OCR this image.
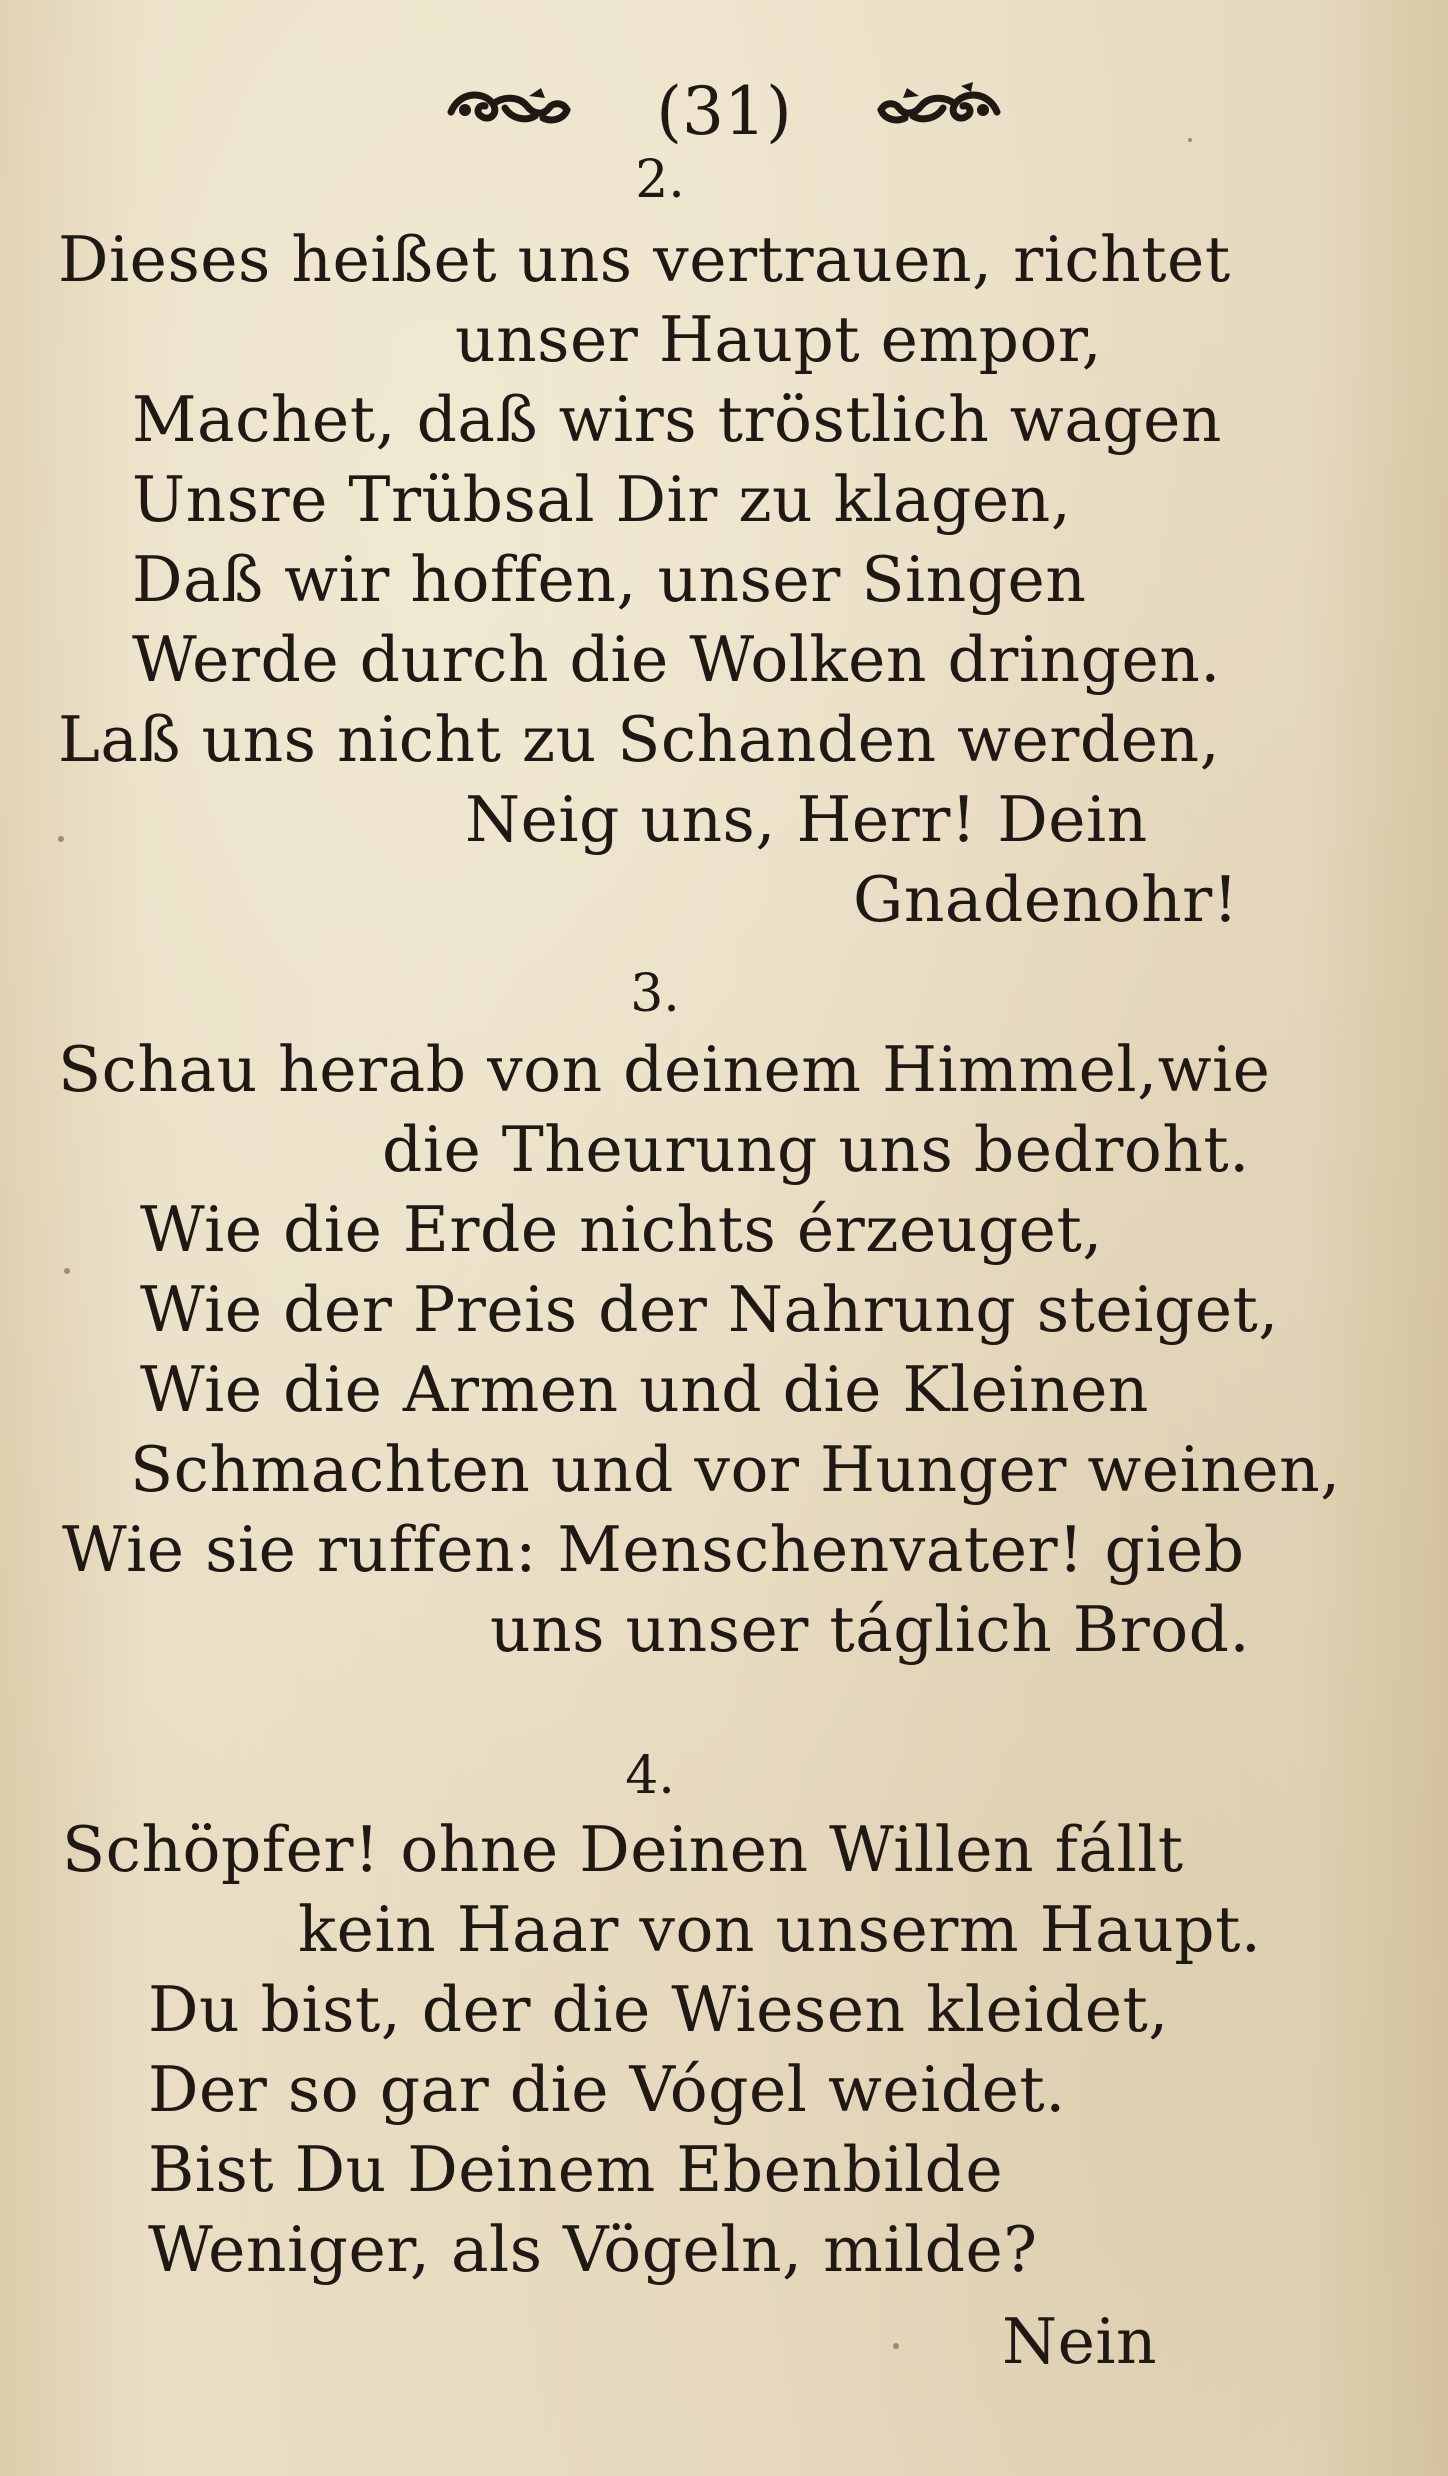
(31)
2.
Dieses heißet uns vertrauen, richtet
unser Haupt empor,
Machet, daß wirs tröstlich wagen
Unsre Trübsal Dir zu klagen,
Daß wir hoffen, unser Singen
Werde durch die Wolken dringen.
Laß uns nicht zu Schanden werden,
Neig uns, Herr! Dein
Gnadenohr!
3.
Schau herab von deinem Himmel,wie
die Theurung uns bedroht.
Wie die Erde nichts érzeuget,
Wie der Preis der Nahrung steiget,
Wie die Armen und die Kleinen
Schmachten und vor Hunger weinen,
Wie sie ruffen: Menschenvater! gieb
uns unser táglich Brod.
4.
Schöpfer! ohne Deinen Willen fállt
kein Haar von unserm Haupt.
Du bist, der die Wiesen kleidet,
Der so gar die Vógel weidet.
Bist Du Deinem Ebenbilde
Weniger, als Vögeln, milde?
Nein
